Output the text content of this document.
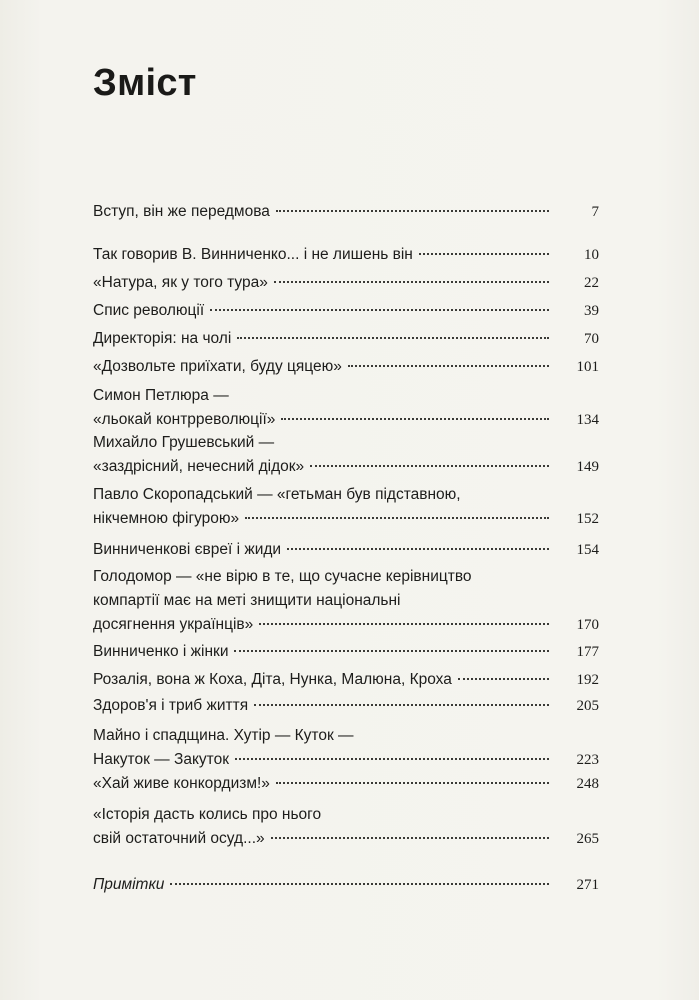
Зміст
Вступ, він же передмова	7
Так говорив В. Винниченко... і не лишень він	10
«Натура, як у того тура»	22
Спис революції	39
Директорія: на чолі	70
«Дозвольте приїхати, буду цяцею»	101
Симон Петлюра —
«льокай контрреволюції»	134
Михайло Грушевський —
«заздрісний, нечесний дідок»	149
Павло Скоропадський — «гетьман був підставною,
нікчемною фігурою»	152
Винниченкові євреї і жиди	154
Голодомор — «не вірю в те, що сучасне керівництво
компартії має на меті знищити національні
досягнення українців»	170
Винниченко і жінки	177
Розалія, вона ж Коха, Діта, Нунка, Малюна, Кроха	192
Здоров'я і триб життя	205
Майно і спадщина. Хутір — Куток —
Накуток — Закуток	223
«Хай живе конкордизм!»	248
«Історія дасть колись про нього
свій остаточний осуд...»	265
Примітки	271
